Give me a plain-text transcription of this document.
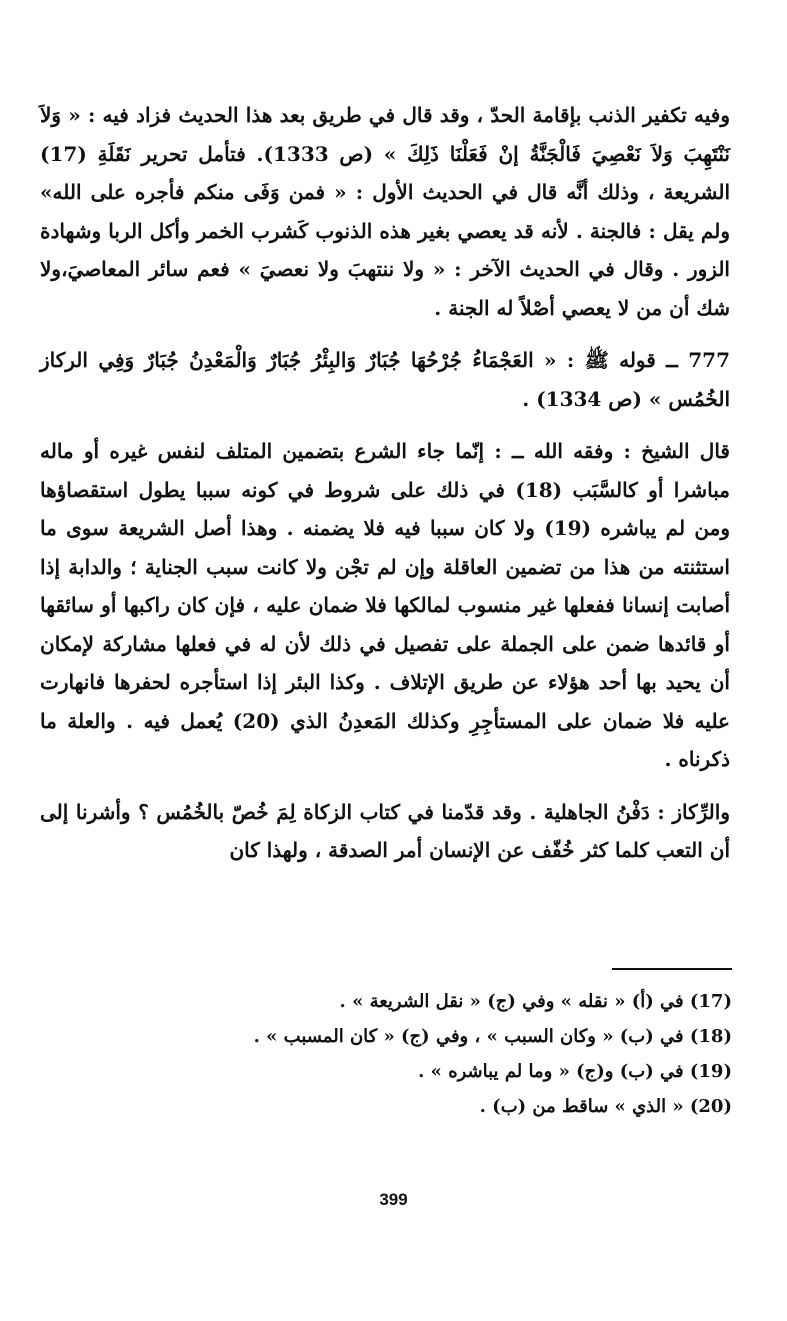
وفيه تكفير الذنب بإقامة الحدّ ، وقد قال في طريق بعد هذا الحديث فزاد فيه : « وَلاَ نَنْتَهِبَ وَلاَ نَعْصِيَ فَالْجَنَّةُ إنْ فَعَلْنَا ذَلِكَ » (ص 1333). فتأمل تحرير نَقَلَةِ (17) الشريعة ، وذلك أنَّه قال في الحديث الأول : « فمن وَفَى منكم فأجره على الله» ولم يقل : فالجنة . لأنه قد يعصي بغير هذه الذنوب كَشرب الخمر وأكل الربا وشهادة الزور . وقال في الحديث الآخر : « ولا ننتهبَ ولا نعصيَ » فعم سائر المعاصيَ،ولا شك أن من لا يعصي أصْلاً له الجنة .

777 ــ قوله ﷺ : « العَجْمَاءُ جُرْحُهَا جُبَارٌ وَالبِئْرُ جُبَارٌ وَالْمَعْدِنُ جُبَارٌ وَفِي الركاز الخُمُس » (ص 1334) .

قال الشيخ : وفقه الله ــ : إنّما جاء الشرع بتضمين المتلف لنفس غيره أو ماله مباشرا أو كالسَّبَب (18) في ذلك على شروط في كونه سببا يطول استقصاؤها ومن لم يباشره (19) ولا كان سببا فيه فلا يضمنه . وهذا أصل الشريعة سوى ما استثنته من هذا من تضمين العاقلة وإن لم تجْن ولا كانت سبب الجناية ؛ والدابة إذا أصابت إنسانا ففعلها غير منسوب لمالكها فلا ضمان عليه ، فإن كان راكبها أو سائقها أو قائدها ضمن على الجملة على تفصيل في ذلك لأن له في فعلها مشاركة لإمكان أن يحيد بها أحد هؤلاء عن طريق الإتلاف . وكذا البئر إذا استأجره لحفرها فانهارت عليه فلا ضمان على المستأجِرِ وكذلك المَعدِنُ الذي (20) يُعمل فيه . والعلة ما ذكرناه .

والرِّكاز : دَفْنُ الجاهلية . وقد قدّمنا في كتاب الزكاة لِمَ خُصّ بالخُمُس ؟ وأشرنا إلى أن التعب كلما كثر خُفّف عن الإنسان أمر الصدقة ، ولهذا كان

(17) في (أ) « نقله » وفي (ج) « نقل الشريعة » .

(18) في (ب) « وكان السبب » ، وفي (ج) « كان المسبب » .

(19) في (ب) و(ج) « وما لم يباشره » .

(20) « الذي » ساقط من (ب) .

399
